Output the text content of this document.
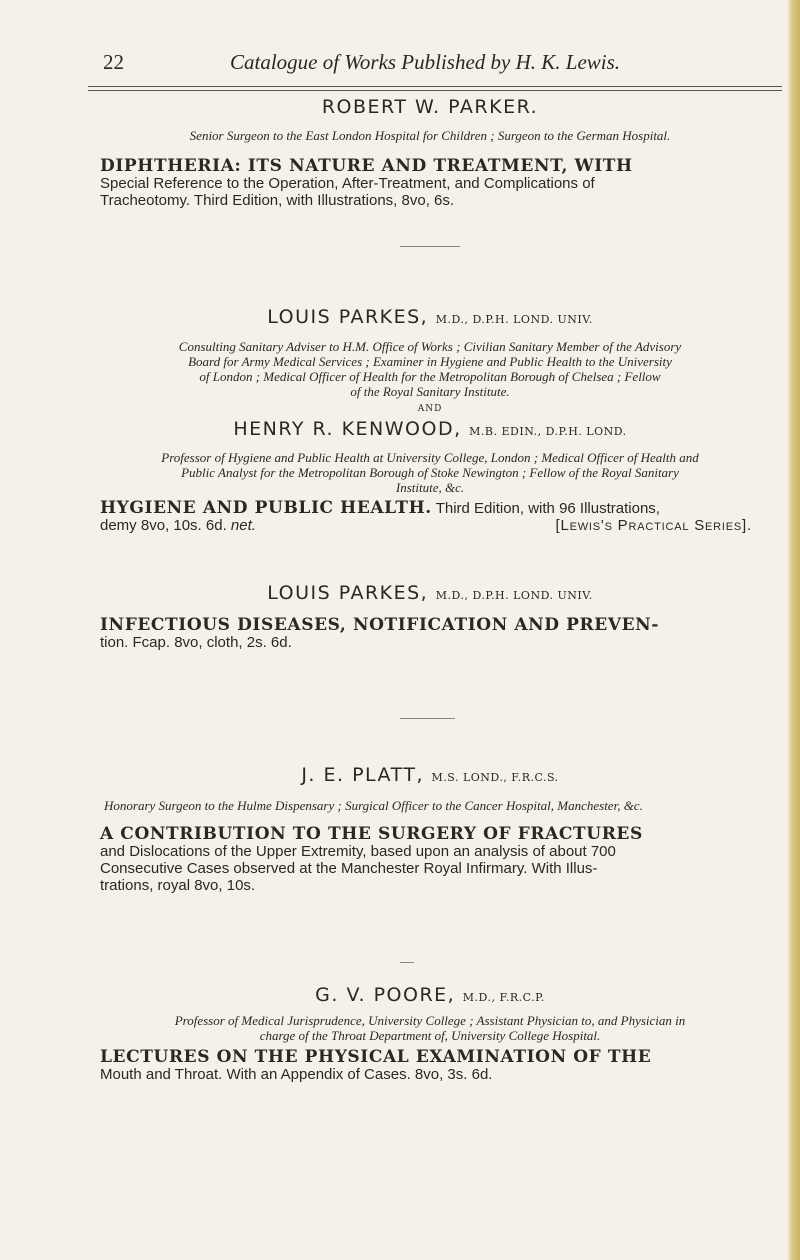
22	Catalogue of Works Published by H. K. Lewis.
ROBERT W. PARKER.
Senior Surgeon to the East London Hospital for Children ; Surgeon to the German Hospital.
DIPHTHERIA: ITS NATURE AND TREATMENT, WITH
Special Reference to the Operation, After-Treatment, and Complications of
Tracheotomy. Third Edition, with Illustrations, 8vo, 6s.
LOUIS PARKES, M.D., D.P.H. LOND. UNIV.
Consulting Sanitary Adviser to H.M. Office of Works ; Civilian Sanitary Member of the Advisory
Board for Army Medical Services ; Examiner in Hygiene and Public Health to the University
of London ; Medical Officer of Health for the Metropolitan Borough of Chelsea ; Fellow
of the Royal Sanitary Institute.
AND
HENRY R. KENWOOD, M.B. EDIN., D.P.H. LOND.
Professor of Hygiene and Public Health at University College, London ; Medical Officer of Health and
Public Analyst for the Metropolitan Borough of Stoke Newington ; Fellow of the Royal Sanitary
Institute, &c.
HYGIENE AND PUBLIC HEALTH. Third Edition, with 96 Illustrations,
demy 8vo, 10s. 6d. net.	[Lewis's Practical Series].
LOUIS PARKES, M.D., D.P.H. LOND. UNIV.
INFECTIOUS DISEASES, NOTIFICATION AND PREVEN-
tion. Fcap. 8vo, cloth, 2s. 6d.
J. E. PLATT, M.S. LOND., F.R.C.S.
Honorary Surgeon to the Hulme Dispensary ; Surgical Officer to the Cancer Hospital, Manchester, &c.
A CONTRIBUTION TO THE SURGERY OF FRACTURES
and Dislocations of the Upper Extremity, based upon an analysis of about 700
Consecutive Cases observed at the Manchester Royal Infirmary. With Illus-
trations, royal 8vo, 10s.
G. V. POORE, M.D., F.R.C.P.
Professor of Medical Jurisprudence, University College ; Assistant Physician to, and Physician in
charge of the Throat Department of, University College Hospital.
LECTURES ON THE PHYSICAL EXAMINATION OF THE
Mouth and Throat. With an Appendix of Cases. 8vo, 3s. 6d.
